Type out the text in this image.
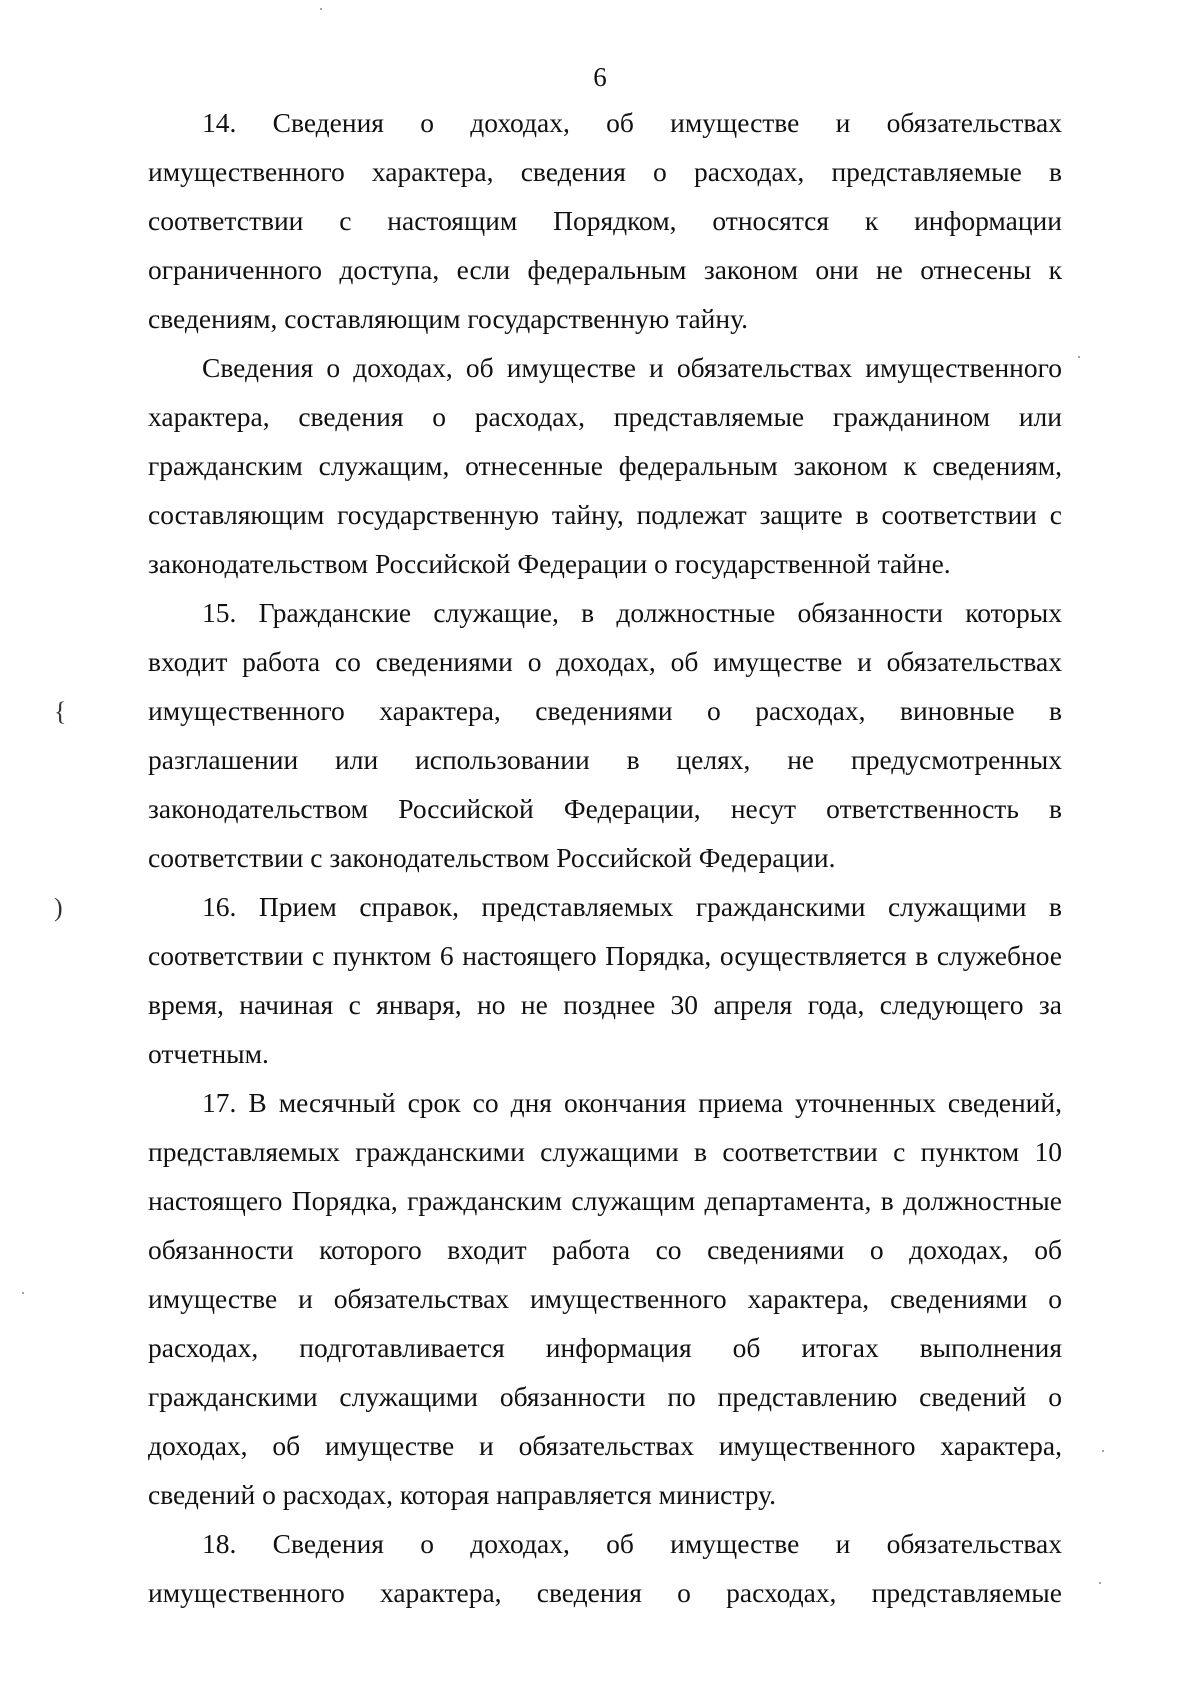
6
{
)
14. Сведения о доходах, об имуществе и обязательствах
имущественного характера, сведения о расходах, представляемые в
соответствии с настоящим Порядком, относятся к информации
ограниченного доступа, если федеральным законом они не отнесены к
сведениям, составляющим государственную тайну.
Сведения о доходах, об имуществе и обязательствах имущественного
характера, сведения о расходах, представляемые гражданином или
гражданским служащим, отнесенные федеральным законом к сведениям,
составляющим государственную тайну, подлежат защите в соответствии с
законодательством Российской Федерации о государственной тайне.
15. Гражданские служащие, в должностные обязанности которых
входит работа со сведениями о доходах, об имуществе и обязательствах
имущественного характера, сведениями о расходах, виновные в
разглашении или использовании в целях, не предусмотренных
законодательством Российской Федерации, несут ответственность в
соответствии с законодательством Российской Федерации.
16. Прием справок, представляемых гражданскими служащими в
соответствии с пунктом 6 настоящего Порядка, осуществляется в служебное
время, начиная с января, но не позднее 30 апреля года, следующего за
отчетным.
17. В месячный срок со дня окончания приема уточненных сведений,
представляемых гражданскими служащими в соответствии с пунктом 10
настоящего Порядка, гражданским служащим департамента, в должностные
обязанности которого входит работа со сведениями о доходах, об
имуществе и обязательствах имущественного характера, сведениями о
расходах, подготавливается информация об итогах выполнения
гражданскими служащими обязанности по представлению сведений о
доходах, об имуществе и обязательствах имущественного характера,
сведений о расходах, которая направляется министру.
18. Сведения о доходах, об имуществе и обязательствах
имущественного характера, сведения о расходах, представляемые
